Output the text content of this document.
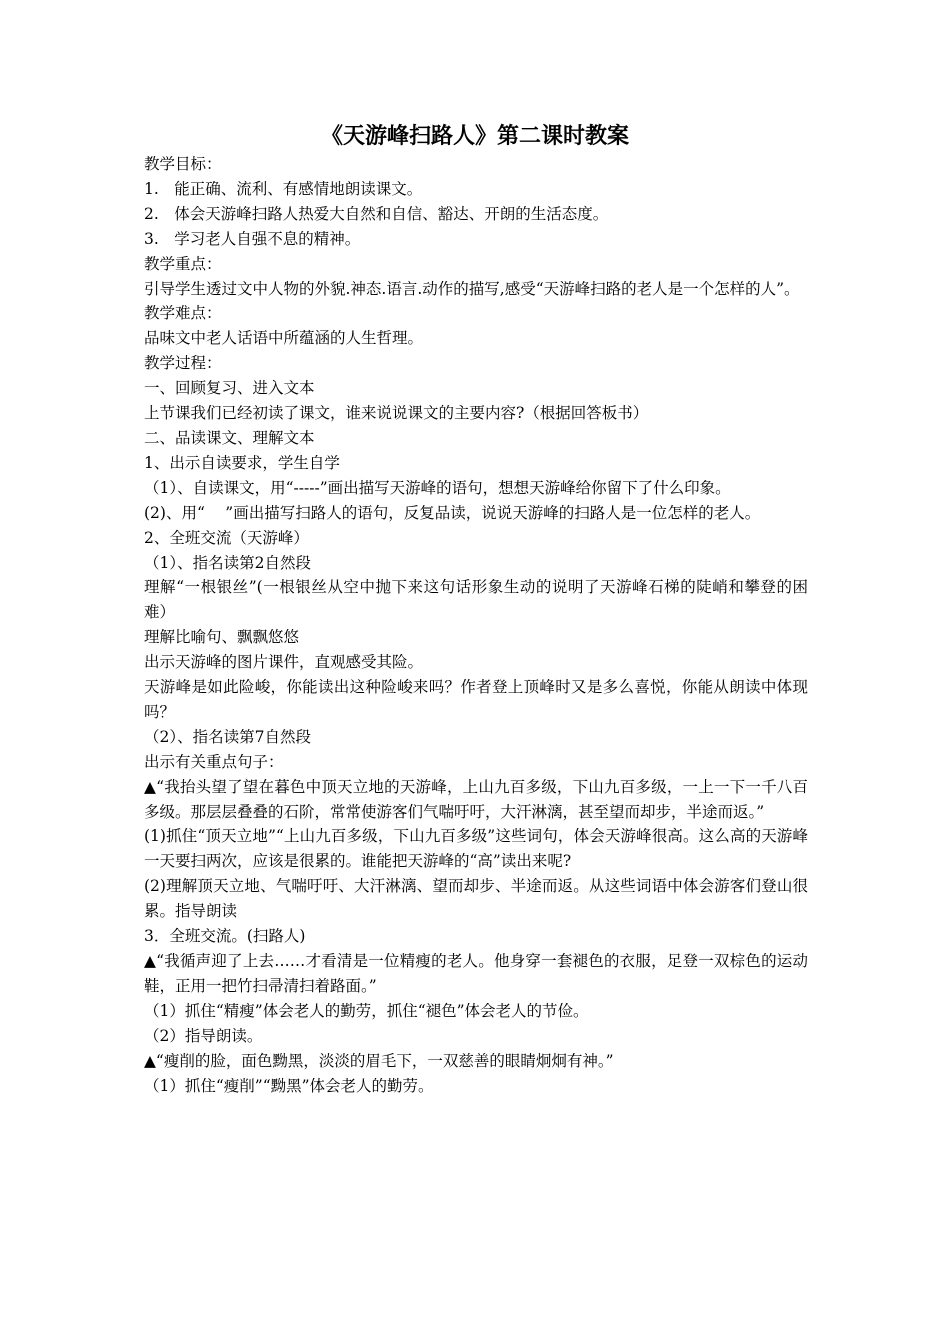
《天游峰扫路人》第二课时教案

教学目标：

1.　能正确、流利、有感情地朗读课文。

2.　体会天游峰扫路人热爱大自然和自信、豁达、开朗的生活态度。

3.　学习老人自强不息的精神。

教学重点：

引导学生透过文中人物的外貌.神态.语言.动作的描写,感受“天游峰扫路的老人是一个怎样的人”。

教学难点：

品味文中老人话语中所蕴涵的人生哲理。

教学过程：

一、回顾复习、进入文本

上节课我们已经初读了课文，谁来说说课文的主要内容?（根据回答板书）

二、品读课文、理解文本

1、出示自读要求，学生自学

（1）、自读课文，用“-----”画出描写天游峰的语句，想想天游峰给你留下了什么印象。

(2)、用“　 ”画出描写扫路人的语句，反复品读，说说天游峰的扫路人是一位怎样的老人。

2、全班交流（天游峰）

（1）、指名读第2自然段

理解“一根银丝”(一根银丝从空中抛下来这句话形象生动的说明了天游峰石梯的陡峭和攀登的困难）

理解比喻句、飘飘悠悠

出示天游峰的图片课件，直观感受其险。

天游峰是如此险峻，你能读出这种险峻来吗？作者登上顶峰时又是多么喜悦，你能从朗读中体现吗？

（2）、指名读第7自然段

出示有关重点句子：

▲“我抬头望了望在暮色中顶天立地的天游峰，上山九百多级，下山九百多级，一上一下一千八百多级。那层层叠叠的石阶，常常使游客们气喘吁吁，大汗淋漓，甚至望而却步，半途而返。”

(1)抓住“顶天立地”“上山九百多级，下山九百多级”这些词句，体会天游峰很高。这么高的天游峰一天要扫两次，应该是很累的。谁能把天游峰的“高”读出来呢?

(2)理解顶天立地、气喘吁吁、大汗淋漓、望而却步、半途而返。从这些词语中体会游客们登山很累。指导朗读

3．全班交流。(扫路人)

▲“我循声迎了上去……才看清是一位精瘦的老人。他身穿一套褪色的衣服，足登一双棕色的运动鞋，正用一把竹扫帚清扫着路面。”

（1）抓住“精瘦”体会老人的勤劳，抓住“褪色”体会老人的节俭。

（2）指导朗读。

▲“瘦削的脸，面色黝黑，淡淡的眉毛下，一双慈善的眼睛炯炯有神。”

（1）抓住“瘦削”“黝黑”体会老人的勤劳。
